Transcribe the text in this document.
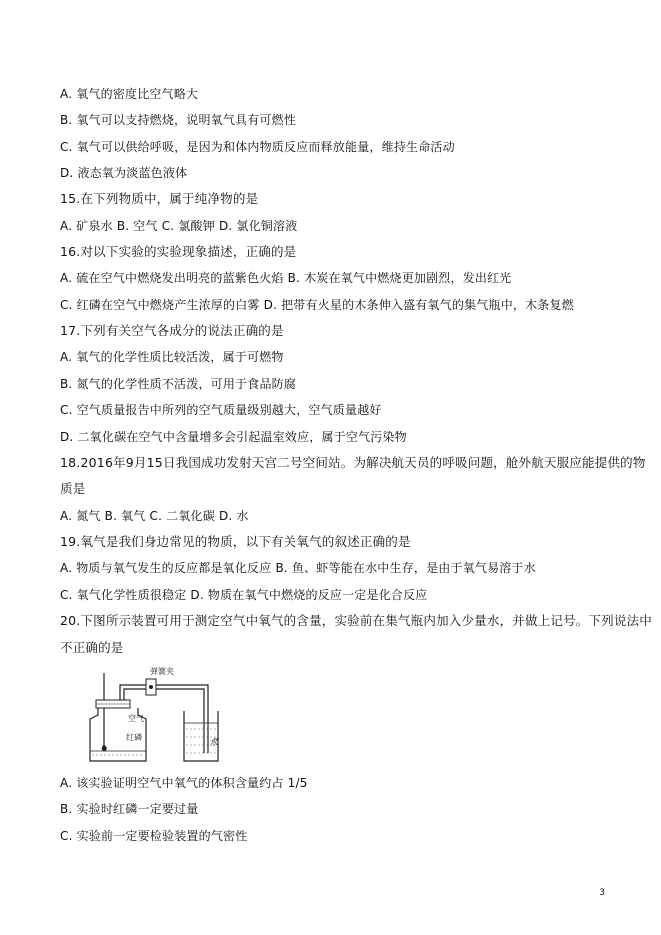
A. 氧气的密度比空气略大
B. 氧气可以支持燃烧，说明氧气具有可燃性
C. 氧气可以供给呼吸，是因为和体内物质反应而释放能量，维持生命活动
D. 液态氧为淡蓝色液体
15.在下列物质中，属于纯净物的是
A. 矿泉水 B. 空气 C. 氯酸钾 D. 氯化铜溶液
16.对以下实验的实验现象描述，正确的是
A. 硫在空气中燃烧发出明亮的蓝紫色火焰 B. 木炭在氧气中燃烧更加剧烈，发出红光
C. 红磷在空气中燃烧产生浓厚的白雾 D. 把带有火星的木条伸入盛有氧气的集气瓶中，木条复燃
17.下列有关空气各成分的说法正确的是
A. 氧气的化学性质比较活泼，属于可燃物
B. 氮气的化学性质不活泼，可用于食品防腐
C. 空气质量报告中所列的空气质量级别越大，空气质量越好
D. 二氧化碳在空气中含量增多会引起温室效应，属于空气污染物
18.2016年9月15日我国成功发射天宫二号空间站。为解决航天员的呼吸问题，舱外航天服应能提供的物
质是
A. 氮气 B. 氧气 C. 二氧化碳 D. 水
19.氧气是我们身边常见的物质，以下有关氧气的叙述正确的是
A. 物质与氧气发生的反应都是氧化反应 B. 鱼、虾等能在水中生存，是由于氧气易溶于水
C. 氧气化学性质很稳定 D. 物质在氧气中燃烧的反应一定是化合反应
20.下图所示装置可用于测定空气中氧气的含量，实验前在集气瓶内加入少量水，并做上记号。下列说法中
不正确的是
弹簧夹
空气
红磷
水
A. 该实验证明空气中氧气的体积含量约占 1/5
B. 实验时红磷一定要过量
C. 实验前一定要检验装置的气密性
3
